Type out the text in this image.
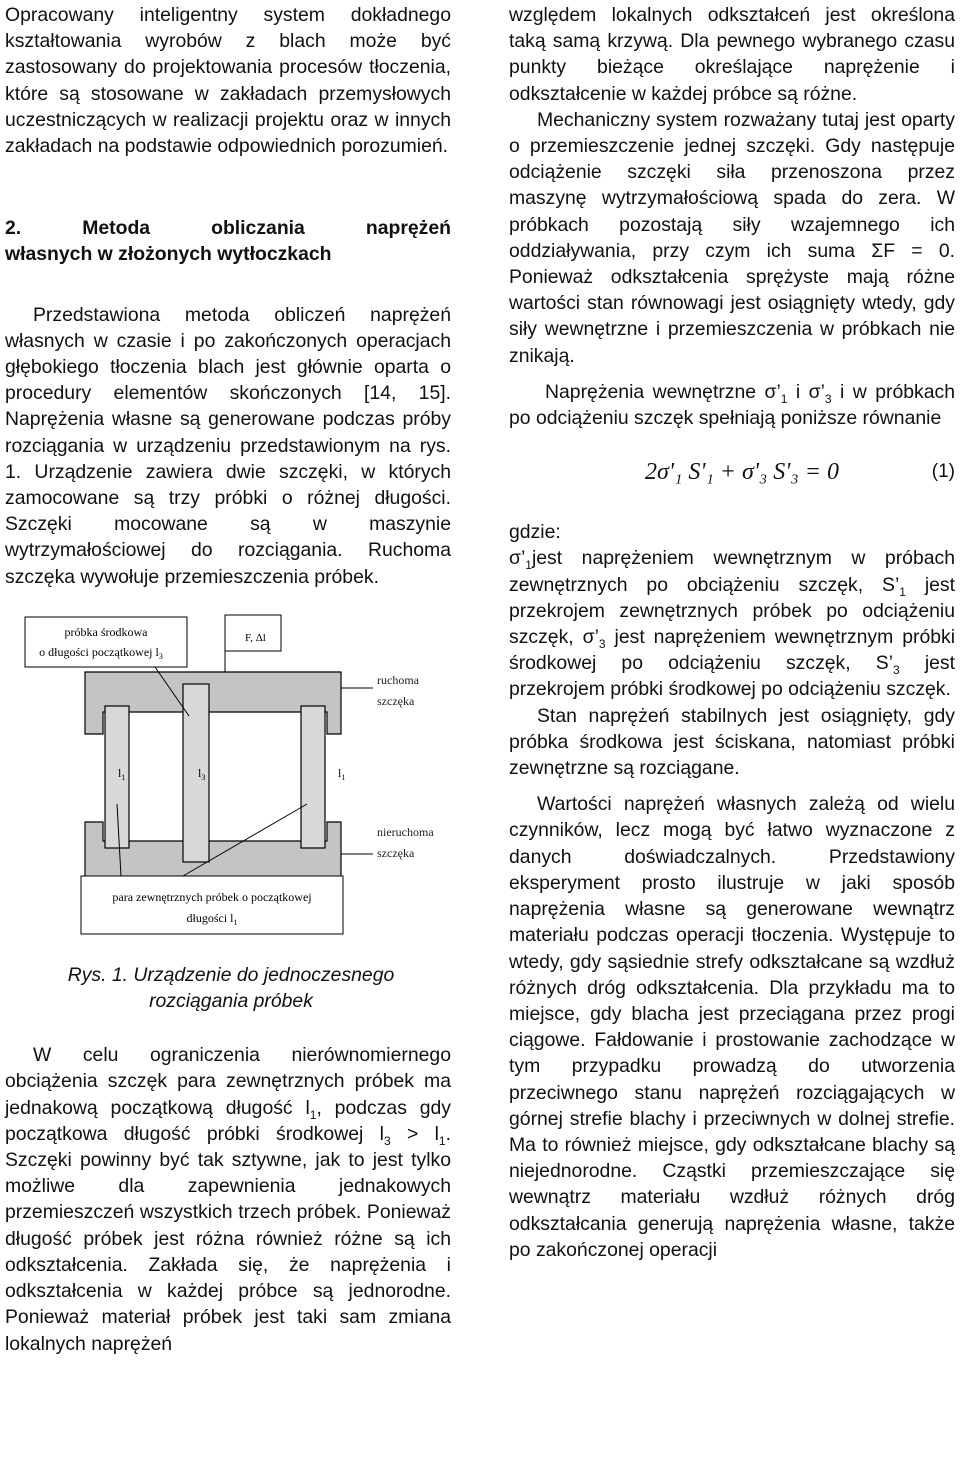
Opracowany inteligentny system dokładnego kształtowania wyrobów z blach może być zastosowany do projektowania procesów tłoczenia, które są stosowane w zakładach przemysłowych uczestniczących w realizacji projektu oraz w innych zakładach na podstawie odpowiednich porozumień.

2. Metoda obliczania naprężeń
własnych w złożonych wytłoczkach

Przedstawiona metoda obliczeń naprężeń własnych w czasie i po zakończonych operacjach głębokiego tłoczenia blach jest głównie oparta o procedury elementów skończonych [14, 15]. Naprężenia własne są generowane podczas próby rozciągania w urządzeniu przedstawionym na rys. 1. Urządzenie zawiera dwie szczęki, w których zamocowane są trzy próbki o różnej długości. Szczęki mocowane są w maszynie wytrzymałościowej do rozciągania. Ruchoma szczęka wywołuje przemieszczenia próbek.

próbka środkowa
o długości początkowej $l_3$
F, Δl
$l_1$	$l_3$	$l_1$
ruchoma
szczęka
nieruchoma
szczęka
para zewnętrznych próbek o początkowej
długości $l_1$

Rys. 1. Urządzenie do jednoczesnego
rozciągania próbek

W celu ograniczenia nierównomiernego obciążenia szczęk para zewnętrznych próbek ma jednakową początkową długość $l_1$, podczas gdy początkowa długość próbki środkowej $l_3 > l_1$. Szczęki powinny być tak sztywne, jak to jest tylko możliwe dla zapewnienia jednakowych przemieszczeń wszystkich trzech próbek. Ponieważ długość próbek jest różna również różne są ich odkształcenia. Zakłada się, że naprężenia i odkształcenia w każdej próbce są jednorodne. Ponieważ materiał próbek jest taki sam zmiana lokalnych naprężeń

względem lokalnych odkształceń jest określona taką samą krzywą. Dla pewnego wybranego czasu punkty bieżące określające naprężenie i odkształcenie w każdej próbce są różne.

Mechaniczny system rozważany tutaj jest oparty o przemieszczenie jednej szczęki. Gdy następuje odciążenie szczęki siła przenoszona przez maszynę wytrzymałościową spada do zera. W próbkach pozostają siły wzajemnego ich oddziaływania, przy czym ich suma ΣF = 0. Ponieważ odkształcenia sprężyste mają różne wartości stan równowagi jest osiągnięty wtedy, gdy siły wewnętrzne i przemieszczenia w próbkach nie znikają.

Naprężenia wewnętrzne $\sigma’_1$ i $\sigma’_3$ i w próbkach po odciążeniu szczęk spełniają poniższe równanie

2σ'₁ S'₁ + σ'₃ S'₃ = 0	(1)

gdzie:

$\sigma’_1jest$ naprężeniem wewnętrznym w próbach zewnętrznych po obciążeniu szczęk, $S’_1$ jest przekrojem zewnętrznych próbek po odciążeniu szczęk, $\sigma’_3$ jest naprężeniem wewnętrznym próbki środkowej po odciążeniu szczęk, $S’_3$ jest przekrojem próbki środkowej po odciążeniu szczęk.

Stan naprężeń stabilnych jest osiągnięty, gdy próbka środkowa jest ściskana, natomiast próbki zewnętrzne są rozciągane.

Wartości naprężeń własnych zależą od wielu czynników, lecz mogą być łatwo wyznaczone z danych doświadczalnych. Przedstawiony eksperyment prosto ilustruje w jaki sposób naprężenia własne są generowane wewnątrz materiału podczas operacji tłoczenia. Występuje to wtedy, gdy sąsiednie strefy odkształcane są wzdłuż różnych dróg odkształcenia. Dla przykładu ma to miejsce, gdy blacha jest przeciągana przez progi ciągowe. Fałdowanie i prostowanie zachodzące w tym przypadku prowadzą do utworzenia przeciwnego stanu naprężeń rozciągających w górnej strefie blachy i przeciwnych w dolnej strefie. Ma to również miejsce, gdy odkształcane blachy są niejednorodne. Cząstki przemieszczające się wewnątrz materiału wzdłuż różnych dróg odkształcania generują naprężenia własne, także po zakończonej operacji
